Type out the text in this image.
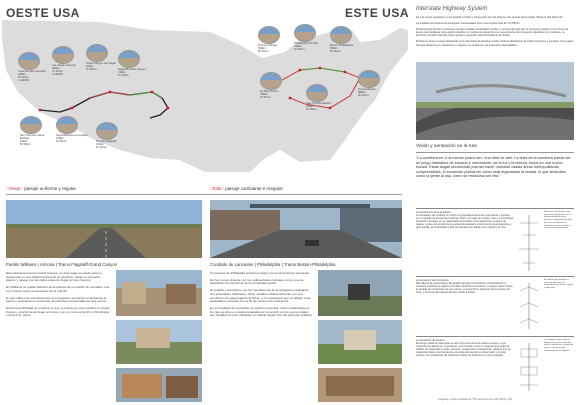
OESTE USA	ESTE USA
Yosemite San Francisco
230km
3h 14min
L1 AE BC
Las Vegas-Yosemite
690km
7h 42min
L1 AE BC
Grand Canyon-Las Vegas
402km
4h 35min	Flagstaff-Grand Canyon
130km
1h 30min
San Francisco-Santa Barbara
512km
5h 50min
Santa Barbara-Los Angeles
158km
1h 50min	Phoenix-Flagstaff
232km
2h 10min
Toronto-Chicago
840km
8h 50min
Philadelphia-NY Bus
153km
1h 45min
Boston-Philadelphia
500km
5h 15min
NY Bus-Toronto
795km
7h 52min
New York Bus-Boston
346km
3h 48min
Toronto-Boston
890km
9h 20min
::Oeste:: paisaje uniforme y regular	::Este:: paisaje cambiante e irregular
Pueblo Williams | Arizona | Tramo Flagstaff-Grand Canyon	Condado de Lancaster | Philadelphia | Tramo Boston-Philadelphia

Este atraviesa una del Grand Canyon, en este lugar se puede parar a desayunar en una cafetería típica de la carretera, visitar un pequeño parque y pasear por las calles antes de llegar al Gran Canyon.

En Williams se puede disfrutar de la belleza de un pueblo de montaña, este es el tramo mayor conservante de la ruta 66.

En las calles nos encontraremos con negocios recreando un ambiente de época y recreando un escenario de película a temporadas de otra época.

Existe la posibilidad de tomarse un tren el cual tiene como destino el Grand Canyon, otra forma de llegar al mismo, con un costo entre 90 y 130 dólares y dura 2 hs. aprox.

Al suroeste de Philadelfia podremos llegar a la zona Amish de Lancaster.

En hoy comer viviente con los rudimentarios carruajes en los que se desplazan los miembros de la comunidad amish.

Es posible encontrarse con los miembros de la congregación realizando sus actividades habituales, niños vestidos tradicionalmente con sus sombreros de paja jugando al fútbol, o con artesanos que se dirigen a las localidades cercanas con el fin de vender sus creaciones.

En el Condado de Lancaster se pueden encontrar varios restaurantes en los que se ofrece comida preparada por los amish, en los que los platos son variados la más cultivada con utilizar ningún tipo de elemento artificial.

Interstate Highway System

Es una red de autopistas en los Estados Unidos y forma parte de otra sistema más grande denominado "Sistema Vial Nacional".

La totalidad del Sistema de Autopistas Interestatales tiene una longitud total de 76.788 km.

El Sistema de servicio a todas las grandes ciudades de Estados Unidos y muchas de rutas que lo componen pasan por el interior de áreas metropolitanas. Esto ayudó a facilitar un modelo de desarrollo con preeminencia del transporte suburbano por carretera, un fenómeno también llamado urban sprawl o expansión descontrolada de la ciudad.

El Sistema tiene un papel destacado en la vida diaria de Estados Unidos. Toda la distribución de todas los bienes y servicios como viajes de larga distancia por vacaciones o negocios se realiza por las autopistas interestatales.

Visión y sensación en la ruta
"La carretera es -o al menos podría ser- una obra de arte. La vista de la carretera puede ser un juego dramático de espacio y movimiento, de la luz y la textura, todos en una nueva escala. Estas largas secuencias podrían hacer nuestras vastas áreas metropolitanas, comprensibles: el conductor podría ver cómo está organizada la ciudad, lo que simboliza, cómo la gente la usa, como se relaciona con ella."
La experiencia de la autopista
La sensación de conducir un coche es principalmente la de movimiento y espacio, en un sentido de secuencia continua. Visión, en lugar de sonido u olor es la principal sensación. El texto es un colaborador secundario a la experiencia, a través de mapas y guías. El sentido de la secuencia espacial es como el de la arquitectura a gran escala: la continuidad y flujo temporales que afloran a la música y al cine.
Entonces el el alumno más gramatical puede afectar la interpretación del viaje, muestra el diagrama de viaje. En curso un asuntos se convierte en nuevo relato o una nueva interpretación.
La sensación de movimiento
Más allá de la conservación del detalle general, la sensación contractual de la carretera continúa es reflexe el sentido visual de movimiento y espacio. Esto incluye el sentido de movimiento de uno mismo, el movimiento aparente de los puntos de vista, y la forma del espacio donde movido a través.
El camino que delimita el recorrido del viaje, un movimiento que arma el perfil y ubicación.
La sensación de espacio
El campo visual se interpreta no sólo como una serie de vistas remotas, o una colección de objetos en movimiento, pero también como un espacio que rodea al público. El observador puede moverse, visualmente o físicamente, hacia el que se relacionan todos más frecuentes a la cual está siendo un observador y el gran entorno. Un sentimiento de suficiente ruando se entiende a un gran espacio.
La cantidad relación de los objetos recorre la velocidad entre la ubicación, cuando del viajero, y la forma del movimiento de los objetos.
Imágenes y textos extraídos de "The View From the road" (libro) y pdf
